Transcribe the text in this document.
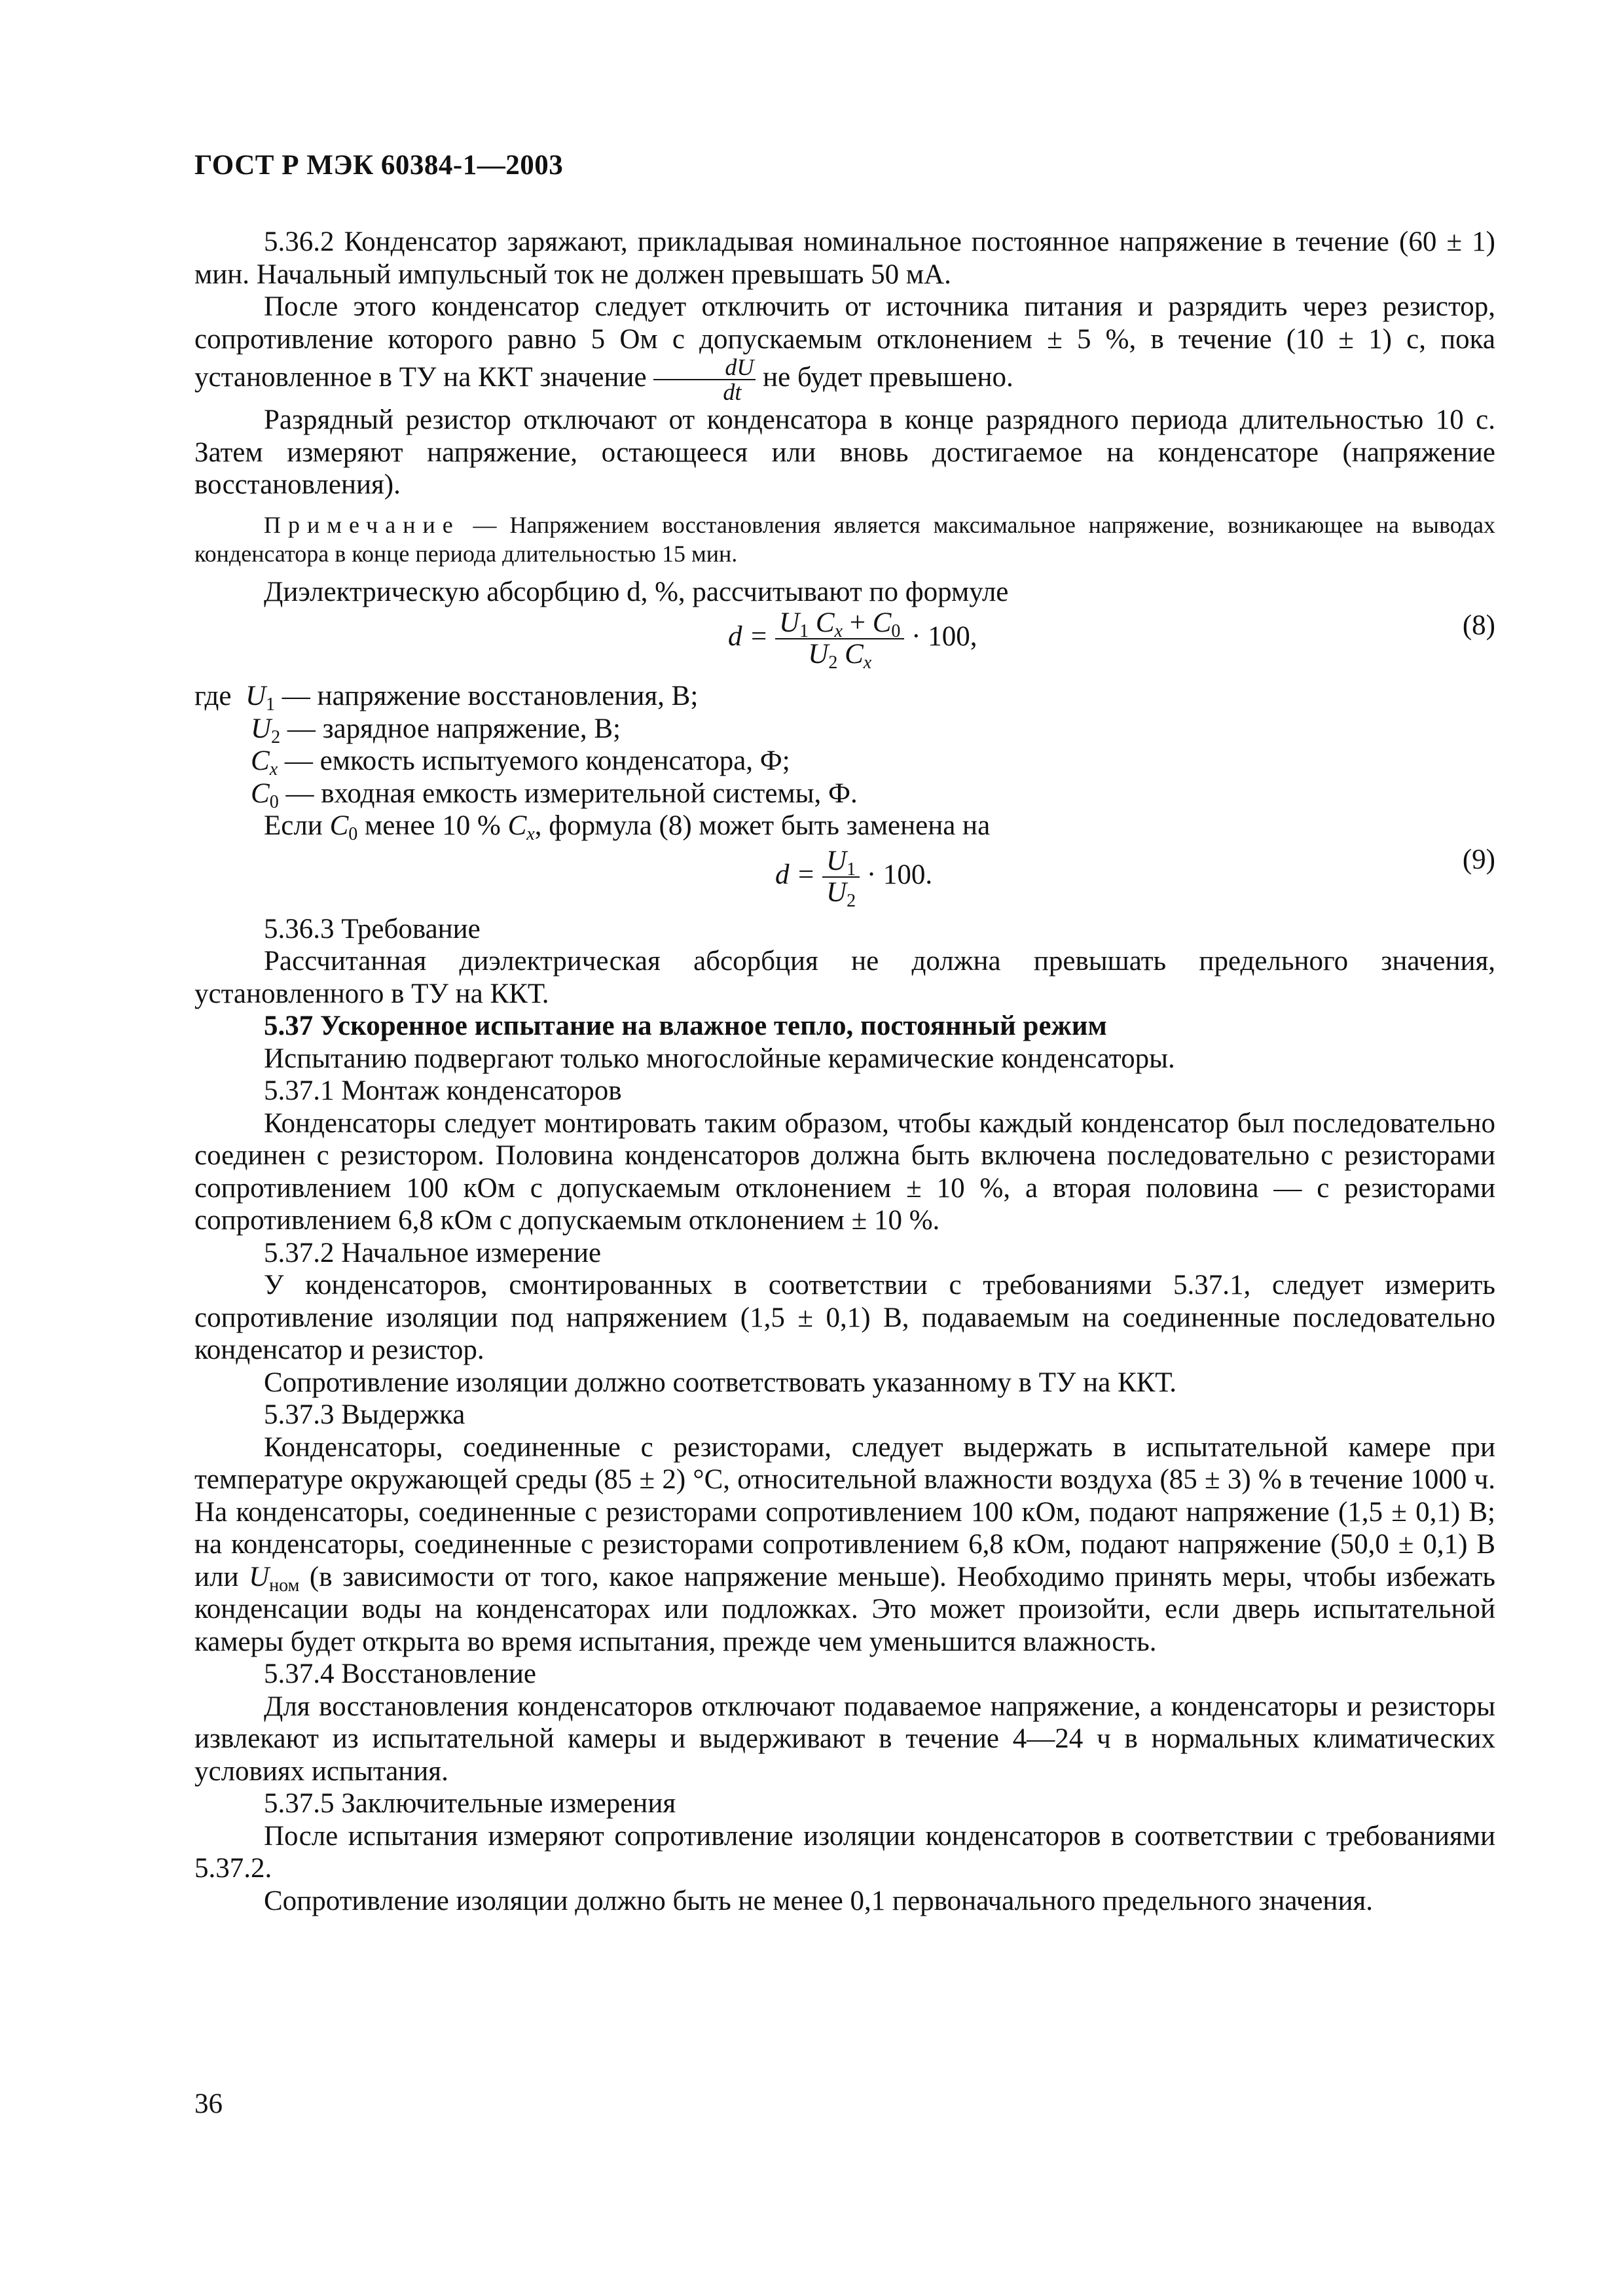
ГОСТ Р МЭК 60384-1—2003

5.36.2 Конденсатор заряжают, прикладывая номинальное постоянное напряжение в течение (60 ± 1) мин. Начальный импульсный ток не должен превышать 50 мА.

После этого конденсатор следует отключить от источника питания и разрядить через резистор, сопротивление которого равно 5 Ом с допускаемым отклонением ± 5 %, в течение (10 ± 1) с, пока установленное в ТУ на ККТ значение $\frac{dU}{dt}$ не будет превышено.

Разрядный резистор отключают от конденсатора в конце разрядного периода длительностью 10 с. Затем измеряют напряжение, остающееся или вновь достигаемое на конденсаторе (напряжение восстановления).

Примечание — Напряжением восстановления является максимальное напряжение, возникающее на выводах конденсатора в конце периода длительностью 15 мин.

Диэлектрическую абсорбцию d, %, рассчитывают по формуле

$d = \frac{U_1 C_x + C_0}{U_2 C_x} \cdot 100$,	(8)
где $U_1$ — напряжение восстановления, В;
$U_2$ — зарядное напряжение, В;
$C_x$ — емкость испытуемого конденсатора, Ф;
$C_0$ — входная емкость измерительной системы, Ф.

Если $C_0$ менее 10 % $C_x$, формула (8) может быть заменена на

$d = \frac{U_1}{U_2} \cdot 100$.	(9)

5.36.3 Требование

Рассчитанная диэлектрическая абсорбция не должна превышать предельного значения, установленного в ТУ на ККТ.

5.37 Ускоренное испытание на влажное тепло, постоянный режим

Испытанию подвергают только многослойные керамические конденсаторы.

5.37.1 Монтаж конденсаторов

Конденсаторы следует монтировать таким образом, чтобы каждый конденсатор был последовательно соединен с резистором. Половина конденсаторов должна быть включена последовательно с резисторами сопротивлением 100 кОм с допускаемым отклонением ± 10 %, а вторая половина — с резисторами сопротивлением 6,8 кОм с допускаемым отклонением ± 10 %.

5.37.2 Начальное измерение

У конденсаторов, смонтированных в соответствии с требованиями 5.37.1, следует измерить сопротивление изоляции под напряжением (1,5 ± 0,1) В, подаваемым на соединенные последовательно конденсатор и резистор.

Сопротивление изоляции должно соответствовать указанному в ТУ на ККТ.

5.37.3 Выдержка

Конденсаторы, соединенные с резисторами, следует выдержать в испытательной камере при температуре окружающей среды (85 ± 2) °С, относительной влажности воздуха (85 ± 3) % в течение 1000 ч. На конденсаторы, соединенные с резисторами сопротивлением 100 кОм, подают напряжение (1,5 ± 0,1) В; на конденсаторы, соединенные с резисторами сопротивлением 6,8 кОм, подают напряжение (50,0 ± 0,1) В или $U_{ном}$ (в зависимости от того, какое напряжение меньше). Необходимо принять меры, чтобы избежать конденсации воды на конденсаторах или подложках. Это может произойти, если дверь испытательной камеры будет открыта во время испытания, прежде чем уменьшится влажность.

5.37.4 Восстановление

Для восстановления конденсаторов отключают подаваемое напряжение, а конденсаторы и резисторы извлекают из испытательной камеры и выдерживают в течение 4—24 ч в нормальных климатических условиях испытания.

5.37.5 Заключительные измерения

После испытания измеряют сопротивление изоляции конденсаторов в соответствии с требованиями 5.37.2.

Сопротивление изоляции должно быть не менее 0,1 первоначального предельного значения.

36
